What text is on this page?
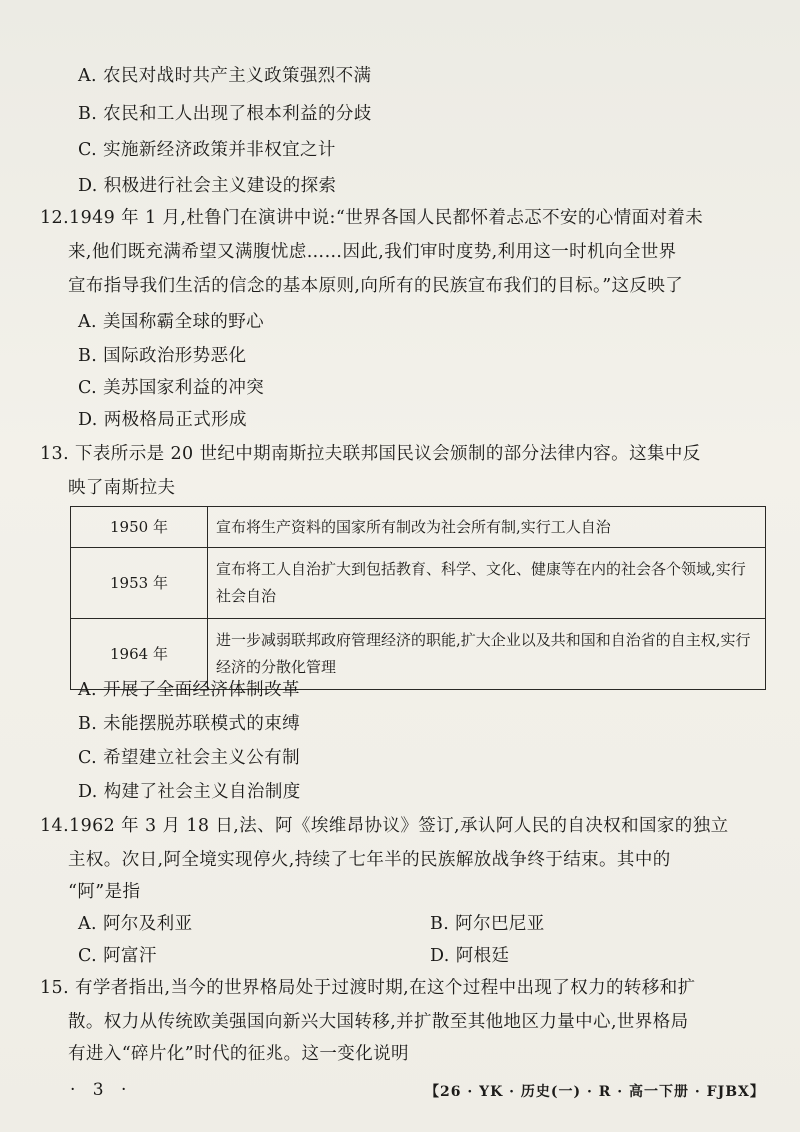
A. 农民对战时共产主义政策强烈不满
B. 农民和工人出现了根本利益的分歧
C. 实施新经济政策并非权宜之计
D. 积极进行社会主义建设的探索
12.1949 年 1 月,杜鲁门在演讲中说:“世界各国人民都怀着忐忑不安的心情面对着未
来,他们既充满希望又满腹忧虑……因此,我们审时度势,利用这一时机向全世界
宣布指导我们生活的信念的基本原则,向所有的民族宣布我们的目标。”这反映了
A. 美国称霸全球的野心
B. 国际政治形势恶化
C. 美苏国家利益的冲突
D. 两极格局正式形成
13. 下表所示是 20 世纪中期南斯拉夫联邦国民议会颁制的部分法律内容。这集中反
映了南斯拉夫
1950 年	宣布将生产资料的国家所有制改为社会所有制,实行工人自治
1953 年	宣布将工人自治扩大到包括教育、科学、文化、健康等在内的社会各个领域,实行社会自治
1964 年	进一步减弱联邦政府管理经济的职能,扩大企业以及共和国和自治省的自主权,实行经济的分散化管理
A. 开展了全面经济体制改革
B. 未能摆脱苏联模式的束缚
C. 希望建立社会主义公有制
D. 构建了社会主义自治制度
14.1962 年 3 月 18 日,法、阿《埃维昂协议》签订,承认阿人民的自决权和国家的独立
主权。次日,阿全境实现停火,持续了七年半的民族解放战争终于结束。其中的
“阿”是指
A. 阿尔及利亚	B. 阿尔巴尼亚
C. 阿富汗	D. 阿根廷
15. 有学者指出,当今的世界格局处于过渡时期,在这个过程中出现了权力的转移和扩
散。权力从传统欧美强国向新兴大国转移,并扩散至其他地区力量中心,世界格局
有进入“碎片化”时代的征兆。这一变化说明
· 3 ·	【26 · YK · 历史(一) · R · 高一下册 · FJBX】
